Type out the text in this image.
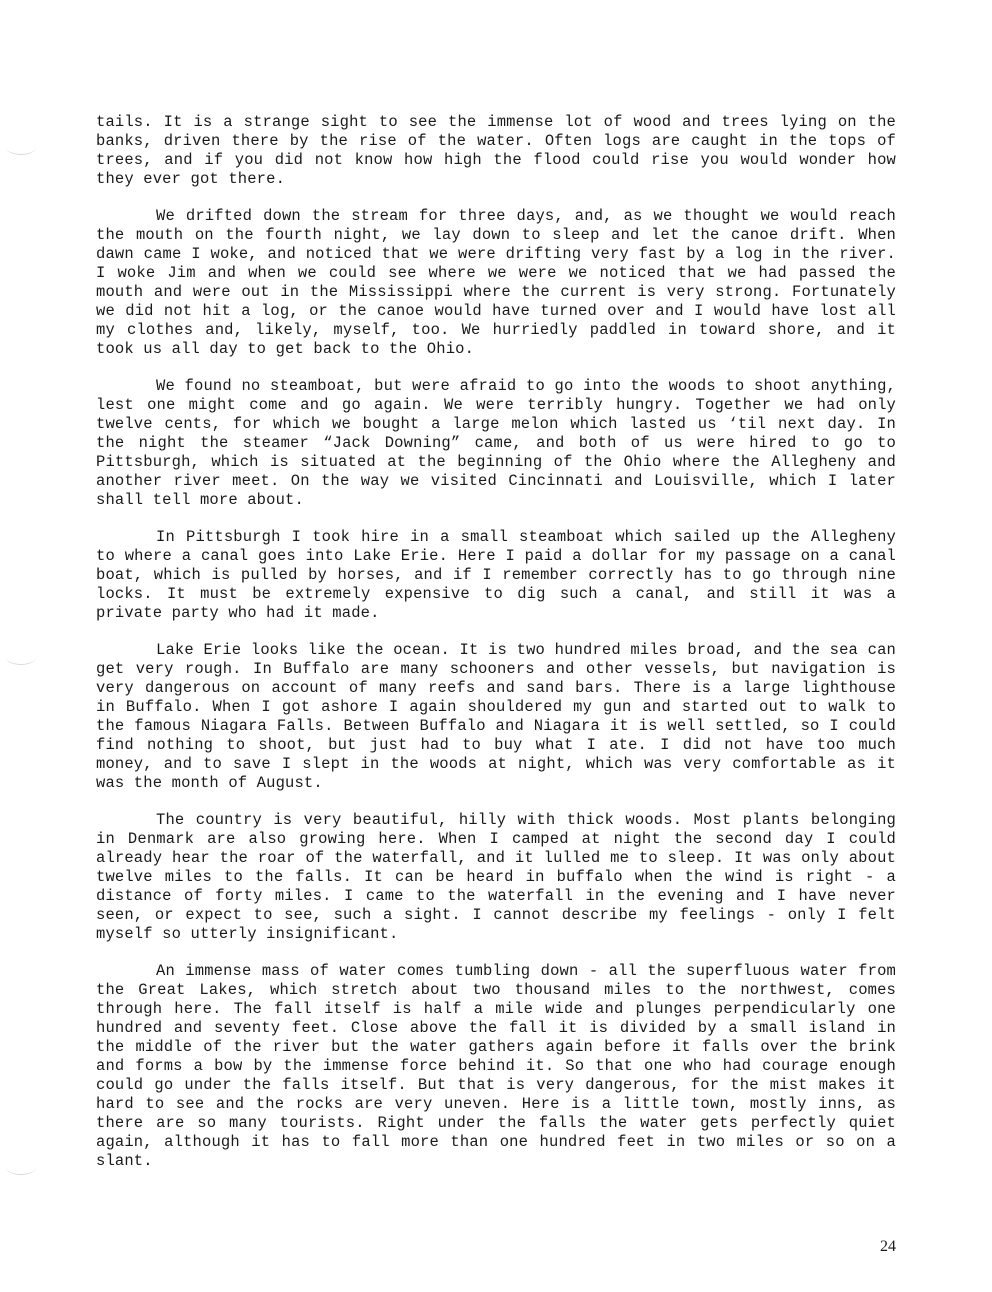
tails. It is a strange sight to see the immense lot of wood and trees lying on the banks, driven there by the rise of the water. Often logs are caught in the tops of trees, and if you did not know how high the flood could rise you would wonder how they ever got there.

We drifted down the stream for three days, and, as we thought we would reach the mouth on the fourth night, we lay down to sleep and let the canoe drift. When dawn came I woke, and noticed that we were drifting very fast by a log in the river. I woke Jim and when we could see where we were we noticed that we had passed the mouth and were out in the Mississippi where the current is very strong. Fortunately we did not hit a log, or the canoe would have turned over and I would have lost all my clothes and, likely, myself, too. We hurriedly paddled in toward shore, and it took us all day to get back to the Ohio.

We found no steamboat, but were afraid to go into the woods to shoot anything, lest one might come and go again. We were terribly hungry. Together we had only twelve cents, for which we bought a large melon which lasted us ‘til next day. In the night the steamer “Jack Downing” came, and both of us were hired to go to Pittsburgh, which is situated at the beginning of the Ohio where the Allegheny and another river meet. On the way we visited Cincinnati and Louisville, which I later shall tell more about.

In Pittsburgh I took hire in a small steamboat which sailed up the Allegheny to where a canal goes into Lake Erie. Here I paid a dollar for my passage on a canal boat, which is pulled by horses, and if I remember correctly has to go through nine locks. It must be extremely expensive to dig such a canal, and still it was a private party who had it made.

Lake Erie looks like the ocean. It is two hundred miles broad, and the sea can get very rough. In Buffalo are many schooners and other vessels, but navigation is very dangerous on account of many reefs and sand bars. There is a large lighthouse in Buffalo. When I got ashore I again shouldered my gun and started out to walk to the famous Niagara Falls. Between Buffalo and Niagara it is well settled, so I could find nothing to shoot, but just had to buy what I ate. I did not have too much money, and to save I slept in the woods at night, which was very comfortable as it was the month of August.

The country is very beautiful, hilly with thick woods. Most plants belonging in Denmark are also growing here. When I camped at night the second day I could already hear the roar of the waterfall, and it lulled me to sleep. It was only about twelve miles to the falls. It can be heard in buffalo when the wind is right - a distance of forty miles. I came to the waterfall in the evening and I have never seen, or expect to see, such a sight. I cannot describe my feelings - only I felt myself so utterly insignificant.

An immense mass of water comes tumbling down - all the superfluous water from the Great Lakes, which stretch about two thousand miles to the northwest, comes through here. The fall itself is half a mile wide and plunges perpendicularly one hundred and seventy feet. Close above the fall it is divided by a small island in the middle of the river but the water gathers again before it falls over the brink and forms a bow by the immense force behind it. So that one who had courage enough could go under the falls itself. But that is very dangerous, for the mist makes it hard to see and the rocks are very uneven. Here is a little town, mostly inns, as there are so many tourists. Right under the falls the water gets perfectly quiet again, although it has to fall more than one hundred feet in two miles or so on a slant.

24
